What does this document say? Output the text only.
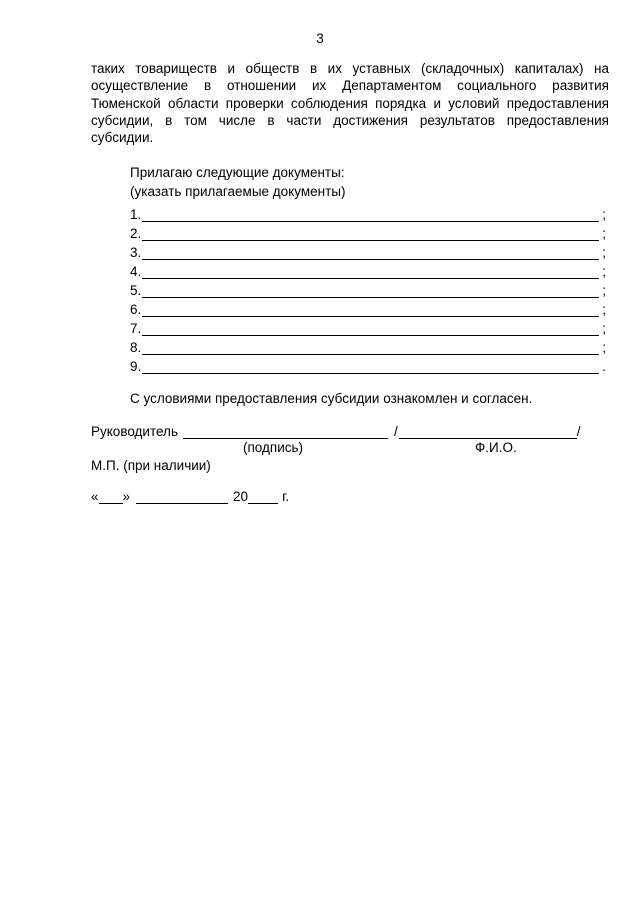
3
таких товариществ и обществ в их уставных (складочных) капиталах) на
осуществление в отношении их Департаментом социального развития
Тюменской области проверки соблюдения порядка и условий предоставления
субсидии, в том числе в части достижения результатов предоставления
субсидии.
Прилагаю следующие документы:
(указать прилагаемые документы)
1.	;
2.	;
3.	;
4.	;
5.	;
6.	;
7.	;
8.	;
9.	.
С условиями предоставления субсидии ознакомлен и согласен.
Руководитель	/	/
(подпись)	Ф.И.О.
М.П. (при наличии)
« »	20	г.
